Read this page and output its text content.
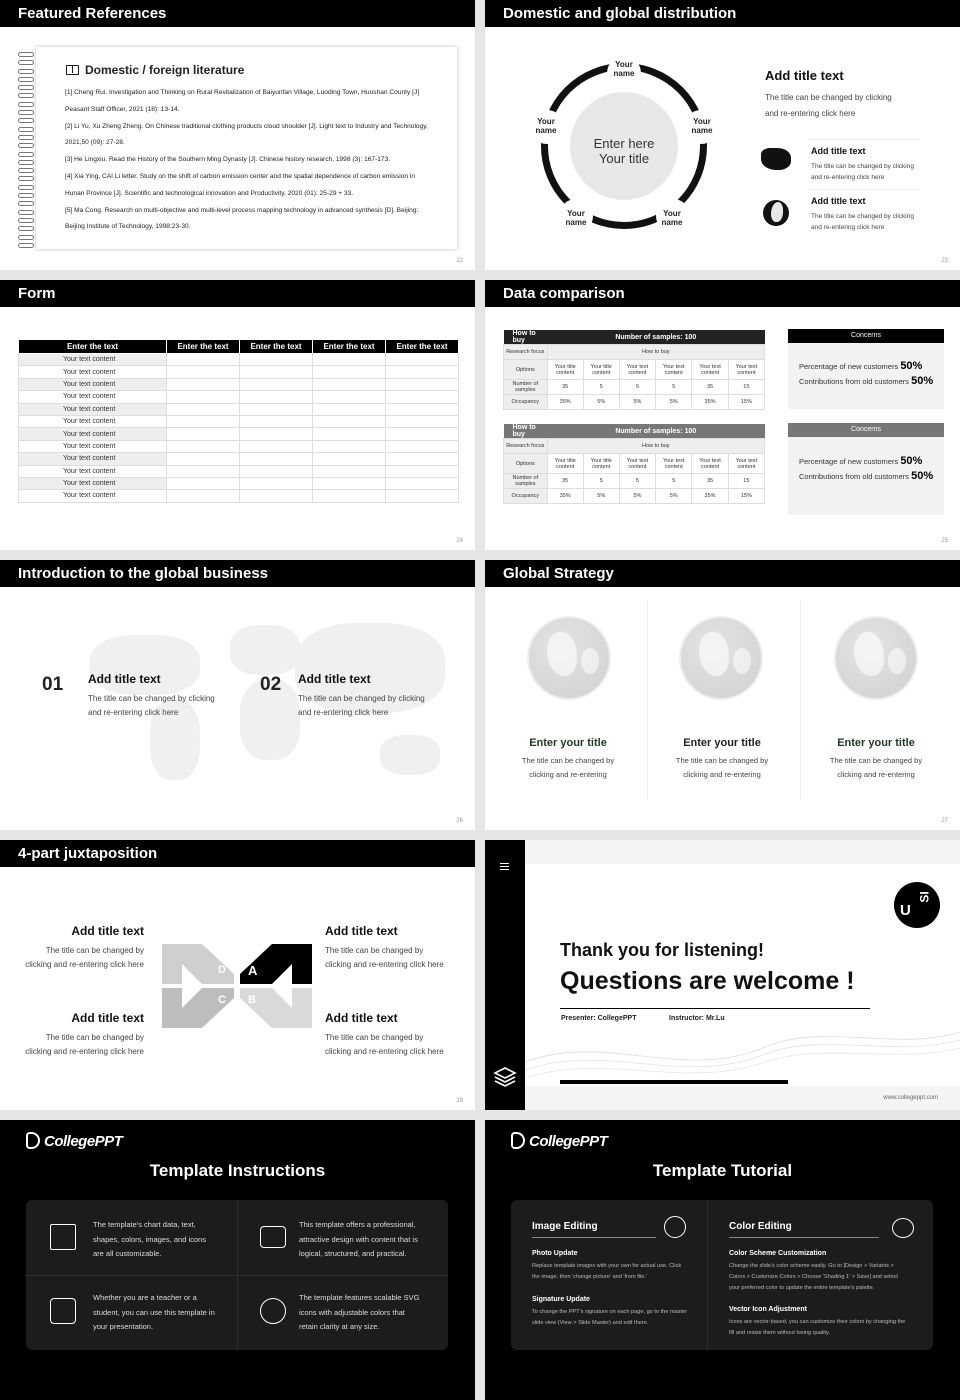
Featured References
Domestic / foreign literature
[1] Cheng Rui. Investigation and Thinking on Rural Revitalization of Baiyunfan Village, Luoding Town, Huoshan County [J]
Peasant Staff Officer, 2021 (18): 13-14.
[2] Li Yu, Xu Zheng Zheng. On Chinese traditional clothing products cloud shoulder [J]. Light text to Industry and Technology,
2021,50 (09): 27-28.
[3] He Lingxiu. Read the History of the Southern Ming Dynasty [J]. Chinese history research, 1998 (3): 167-173.
[4] Xia Ying, CAI Li letter. Study on the shift of carbon emission center and the spatial dependence of carbon emission in
Hunan Province [J]. Scientific and technological innovation and Productivity, 2020 (01): 25-29 + 33.
[5] Ma Cong. Research on multi-objective and multi-level process mapping technology in advanced synthesis [D]. Beijing:
Beijing Institute of Technology, 1998:23-30.
22
Domestic and global distribution
23
Enter here Your title
Your name
Your name
Your name
Your name
Your name
Add title text
The title can be changed by clicking
and re-entering click here
Add title text
The title can be changed by clicking
and re-entering click here
Add title text
The title can be changed by clicking
and re-entering click here
Form
24
Enter the text	Enter the text	Enter the text	Enter the text	Enter the text
Your text content				
Your text content				
Your text content				
Your text content				
Your text content				
Your text content				
Your text content				
Your text content				
Your text content				
Your text content				
Your text content				
Your text content				
Data comparison
25
How to buy	Number of samples: 100					
Research focus	How to buy					
Options	Your title content	Your title content	Your text content	Your text content	Your text content	Your text content
Number of samples	35	5	5	5	35	15
Occupancy	35%	5%	5%	5%	35%	15%
How to buy	Number of samples: 100					
Research focus	How to buy					
Options	Your title content	Your title content	Your text content	Your text content	Your text content	Your text content
Number of samples	35	5	5	5	35	15
Occupancy	35%	5%	5%	5%	35%	15%
Concerns
Percentage of new customers 50%
Contributions from old customers 50%
Concerns
Percentage of new customers 50%
Contributions from old customers 50%
Introduction to the global business
26
01 Add title text
The title can be changed by clicking
and re-entering click here
02 Add title text
The title can be changed by clicking
and re-entering click here
Global Strategy
27
Enter your title
The title can be changed by
clicking and re-entering
Enter your title
The title can be changed by
clicking and re-entering
Enter your title
The title can be changed by
clicking and re-entering
4-part juxtaposition
28
Add title text
The title can be changed by
clicking and re-entering click here
Add title text
The title can be changed by
clicking and re-entering click here
Add title text
The title can be changed by
clicking and re-entering click here
Add title text
The title can be changed by
clicking and re-entering click here
D A
C B
www.collegeppt.com
U
SI
Thank you for listening!
Questions are welcome !
Presenter: CollegePPT	Instructor: Mr.Lu
CollegePPT
Template Instructions
The template's chart data, text,
shapes, colors, images, and icons
are all customizable.
This template offers a professional,
attractive design with content that is
logical, structured, and practical.
Whether you are a teacher or a
student, you can use this template in
your presentation.
The template features scalable SVG
icons with adjustable colors that
retain clarity at any size.
CollegePPT
Template Tutorial
Image Editing
Photo Update
Replace template images with your own for actual use. Click
the image, then 'change picture' and 'from file.'
Signature Update
To change the PPT's signature on each page, go to the master
slide view (View > Slide Master) and edit there.
Color Editing
Color Scheme Customization
Change the slide's color scheme easily. Go to [Design > Variants >
Colors > Customize Colors > Choose 'Shading 1' > Save] and select
your preferred color to update the entire template's palette.
Vector Icon Adjustment
Icons are vector-based, you can customize their colors by changing the
fill and resize them without losing quality.
